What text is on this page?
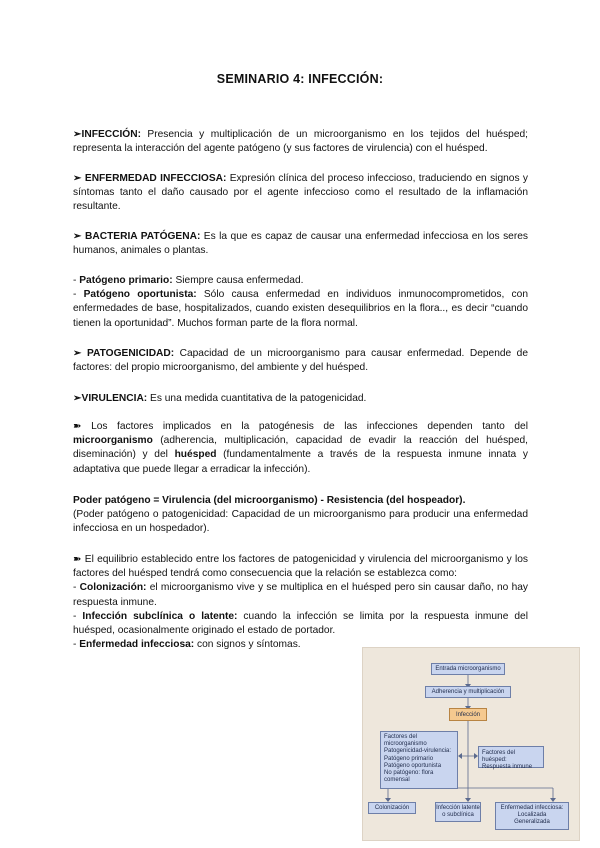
SEMINARIO 4: INFECCIÓN:

➢INFECCIÓN: Presencia y multiplicación de un microorganismo en los tejidos del huésped; representa la interacción del agente patógeno (y sus factores de virulencia) con el huésped.

➢ ENFERMEDAD INFECCIOSA: Expresión clínica del proceso infeccioso, traduciendo en signos y síntomas tanto el daño causado por el agente infeccioso como el resultado de la inflamación resultante.

➢ BACTERIA PATÓGENA: Es la que es capaz de causar una enfermedad infecciosa en los seres humanos, animales o plantas.

- Patógeno primario: Siempre causa enfermedad.
- Patógeno oportunista: Sólo causa enfermedad en individuos inmunocomprometidos, con enfermedades de base, hospitalizados, cuando existen desequilibrios en la flora.., es decir “cuando tienen la oportunidad”. Muchos forman parte de la flora normal.

➢ PATOGENICIDAD: Capacidad de un microorganismo para causar enfermedad. Depende de factores: del propio microorganismo, del ambiente y del huésped.

➢VIRULENCIA: Es una medida cuantitativa de la patogenicidad.

➽ Los factores implicados en la patogénesis de las infecciones dependen tanto del microorganismo (adherencia, multiplicación, capacidad de evadir la reacción del huésped, diseminación) y del huésped (fundamentalmente a través de la respuesta inmune innata y adaptativa que puede llegar a erradicar la infección).

Poder patógeno = Virulencia (del microorganismo) - Resistencia (del hospeador).
(Poder patógeno o patogenicidad: Capacidad de un microorganismo para producir una enfermedad infecciosa en un hospedador).

➽ El equilibrio establecido entre los factores de patogenicidad y virulencia del microorganismo y los factores del huésped tendrá como consecuencia que la relación se establezca como:
- Colonización: el microorganismo vive y se multiplica en el huésped pero sin causar daño, no hay respuesta inmune.
- Infección subclínica o latente: cuando la infección se limita por la respuesta inmune del huésped, ocasionalmente originado el estado de portador.
- Enfermedad infecciosa: con signos y síntomas.

Entrada microorganismo
Adherencia y multiplicación
Infección
Factores del
microorganismo
Patogenicidad-virulencia:
Patógeno primario
Patógeno oportunista
No patógeno: flora
comensal
Factores del huésped:
Respuesta inmune
Colonización	Infección latente
o subclínica
Enfermedad infecciosa:
Localizada
Generalizada
